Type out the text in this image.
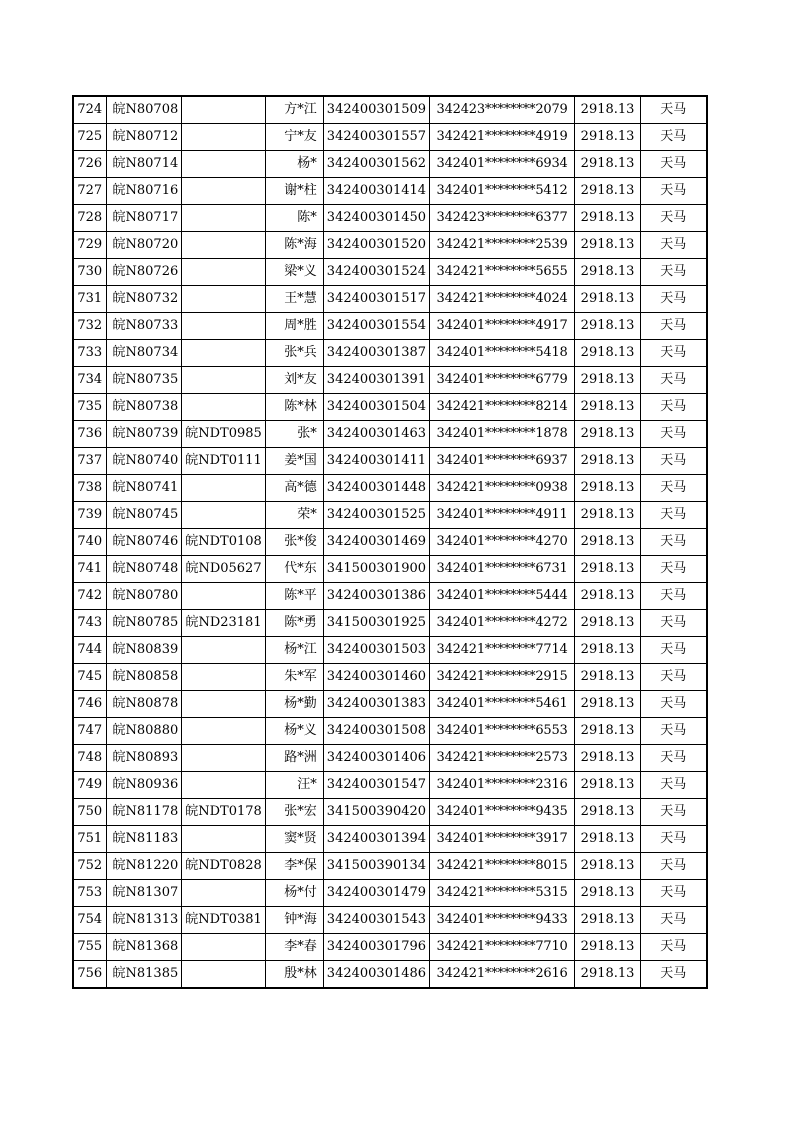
724	皖N80708		方*江	342400301509	342423********2079	2918.13	天马
725	皖N80712		宁*友	342400301557	342421********4919	2918.13	天马
726	皖N80714		杨*	342400301562	342401********6934	2918.13	天马
727	皖N80716		谢*柱	342400301414	342401********5412	2918.13	天马
728	皖N80717		陈*	342400301450	342423********6377	2918.13	天马
729	皖N80720		陈*海	342400301520	342421********2539	2918.13	天马
730	皖N80726		梁*义	342400301524	342421********5655	2918.13	天马
731	皖N80732		王*慧	342400301517	342421********4024	2918.13	天马
732	皖N80733		周*胜	342400301554	342401********4917	2918.13	天马
733	皖N80734		张*兵	342400301387	342401********5418	2918.13	天马
734	皖N80735		刘*友	342400301391	342401********6779	2918.13	天马
735	皖N80738		陈*林	342400301504	342421********8214	2918.13	天马
736	皖N80739	皖NDT0985	张*	342400301463	342401********1878	2918.13	天马
737	皖N80740	皖NDT0111	姜*国	342400301411	342401********6937	2918.13	天马
738	皖N80741		高*德	342400301448	342421********0938	2918.13	天马
739	皖N80745		荣*	342400301525	342401********4911	2918.13	天马
740	皖N80746	皖NDT0108	张*俊	342400301469	342401********4270	2918.13	天马
741	皖N80748	皖ND05627	代*东	341500301900	342401********6731	2918.13	天马
742	皖N80780		陈*平	342400301386	342401********5444	2918.13	天马
743	皖N80785	皖ND23181	陈*勇	341500301925	342401********4272	2918.13	天马
744	皖N80839		杨*江	342400301503	342421********7714	2918.13	天马
745	皖N80858		朱*军	342400301460	342421********2915	2918.13	天马
746	皖N80878		杨*勤	342400301383	342401********5461	2918.13	天马
747	皖N80880		杨*义	342400301508	342401********6553	2918.13	天马
748	皖N80893		路*洲	342400301406	342421********2573	2918.13	天马
749	皖N80936		汪*	342400301547	342401********2316	2918.13	天马
750	皖N81178	皖NDT0178	张*宏	341500390420	342401********9435	2918.13	天马
751	皖N81183		窦*贤	342400301394	342401********3917	2918.13	天马
752	皖N81220	皖NDT0828	李*保	341500390134	342421********8015	2918.13	天马
753	皖N81307		杨*付	342400301479	342421********5315	2918.13	天马
754	皖N81313	皖NDT0381	钟*海	342400301543	342401********9433	2918.13	天马
755	皖N81368		李*春	342400301796	342421********7710	2918.13	天马
756	皖N81385		殷*林	342400301486	342421********2616	2918.13	天马
